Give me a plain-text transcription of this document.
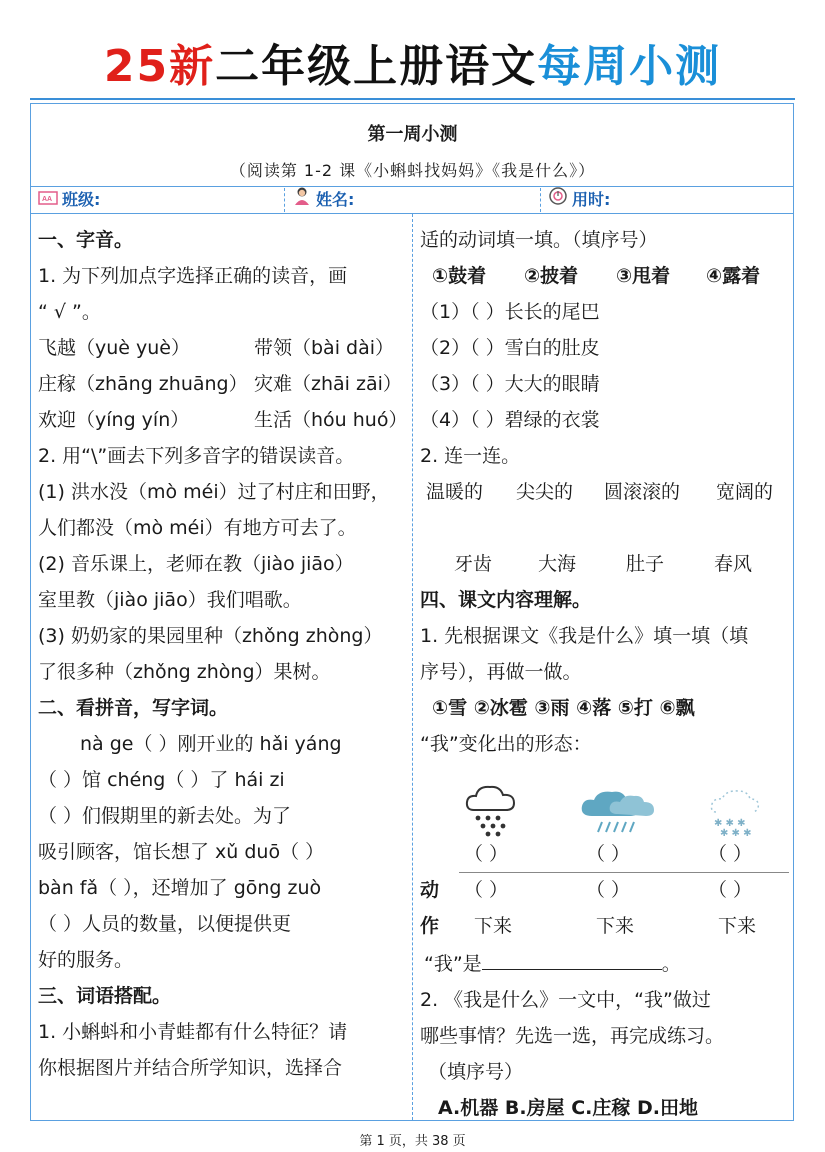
25新二年级上册语文每周小测
第一周小测
（阅读第 1-2 课《小蝌蚪找妈妈》《我是什么》）
AA 班级:	姓名:	用时:
一、字音。
1. 为下列加点字选择正确的读音，画
“ √ ”。
飞越（yuè yuè）	带领（bài dài）
庄稼（zhāng zhuāng） 灾难（zhāi zāi）
欢迎（yíng yín）	生活（hóu huó）
2. 用“\”画去下列多音字的错误读音。
(1) 洪水没（mò méi）过了村庄和田野，
人们都没（mò méi）有地方可去了。
(2) 音乐课上，老师在教（jiào jiāo）
室里教（jiào jiāo）我们唱歌。
(3) 奶奶家的果园里种（zhǒng zhòng）
了很多种（zhǒng zhòng）果树。
二、看拼音，写字词。
nà ge（ ）刚开业的 hǎi yáng
（ ）馆 chéng（ ）了 hái zi
（ ）们假期里的新去处。为了
吸引顾客，馆长想了 xǔ duō（ ）
bàn fǎ（ ），还增加了 gōng zuò
（ ）人员的数量，以便提供更
好的服务。
三、词语搭配。
1. 小蝌蚪和小青蛙都有什么特征？请
你根据图片并结合所学知识，选择合
适的动词填一填。（填序号）
①鼓着 ②披着 ③甩着 ④露着

（1）（ ）长长的尾巴
（2）（ ）雪白的肚皮
（3）（ ）大大的眼睛
（4）（ ）碧绿的衣裳
2. 连一连。
温暖的 尖尖的 圆滚滚的 宽阔的

牙齿 大海	肚子	春风

四、课文内容理解。
1. 先根据课文《我是什么》填一填（填
序号），再做一做。
①雪 ②冰雹 ③雨 ④落 ⑤打 ⑥飘
“我”变化出的形态：
✱ ✱ ✱
✱ ✱ ✱
（ ）	（ ）	（ ）
动
作
（ ）	（ ）	（ ）
下来	下来	下来
“我”是	。
2. 《我是什么》一文中，“我”做过
哪些事情？先选一选，再完成练习。
（填序号）
A.机器 B.房屋 C.庄稼 D.田地
第 1 页，共 38 页
